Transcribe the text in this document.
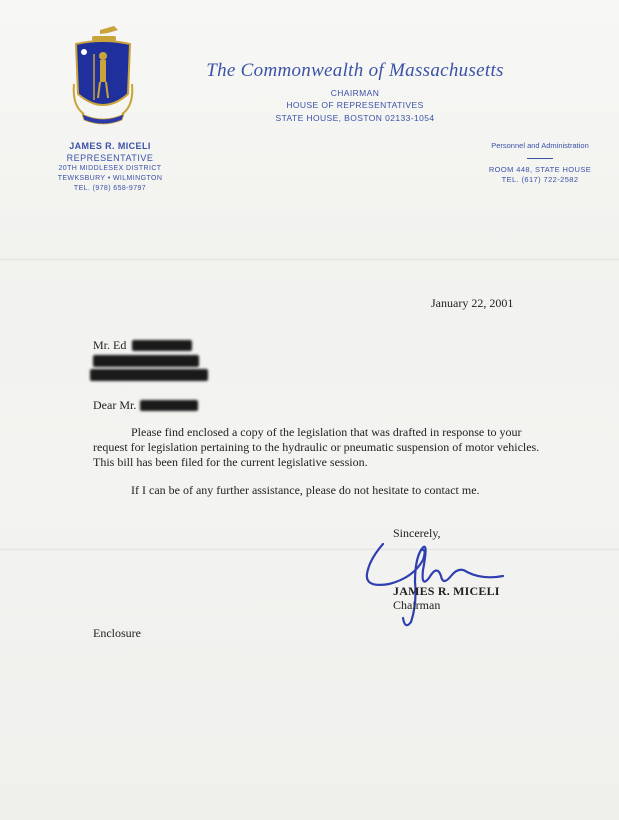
The Commonwealth of Massachusetts
CHAIRMAN
HOUSE OF REPRESENTATIVES
STATE HOUSE, BOSTON 02133-1054
JAMES R. MICELI
REPRESENTATIVE
20TH MIDDLESEX DISTRICT
TEWKSBURY • WILMINGTON
TEL. (978) 658-9797
Personnel and Administration
ROOM 448, STATE HOUSE
TEL. (617) 722-2582
January 22, 2001
Mr. Ed
Dear Mr.
Please find enclosed a copy of the legislation that was drafted in response to your request for legislation pertaining to the hydraulic or pneumatic suspension of motor vehicles. This bill has been filed for the current legislative session.
If I can be of any further assistance, please do not hesitate to contact me.
Sincerely,
JAMES R. MICELI
Chairman
Enclosure
